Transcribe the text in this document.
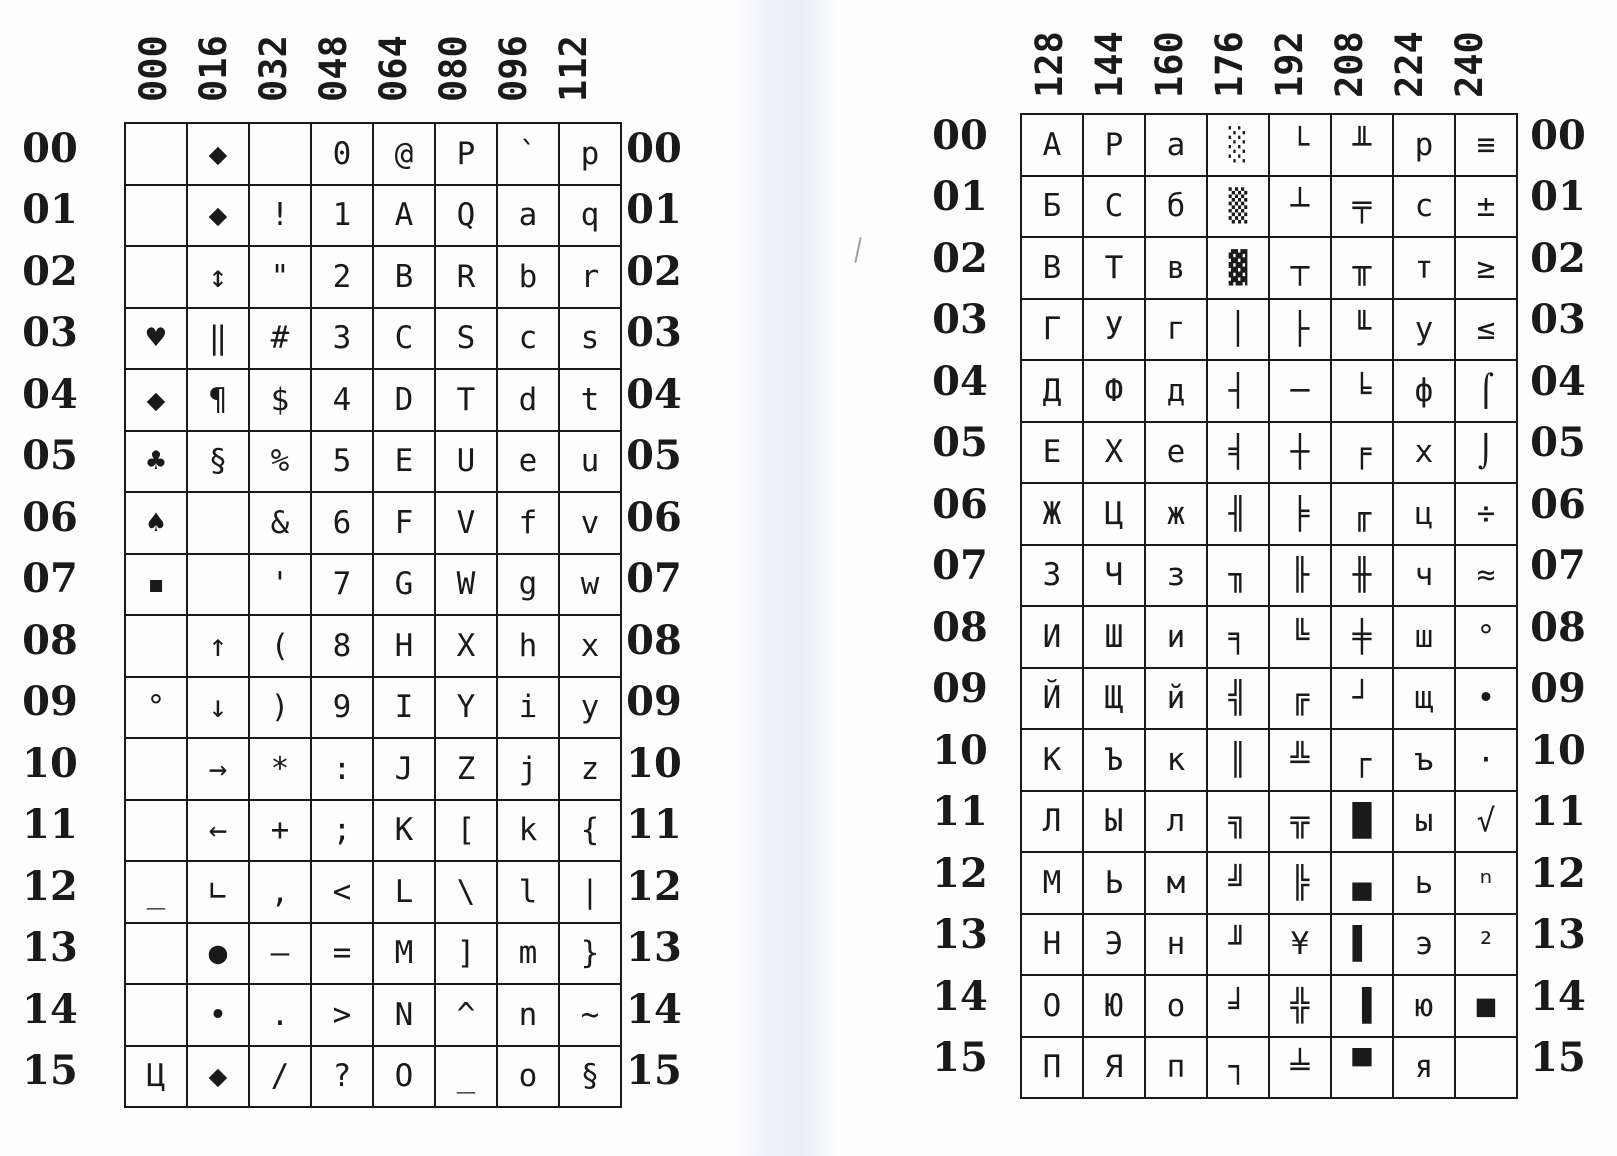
000 016 032 048 064 080 096 112
	◆		0	@	P	`	p
	◆	!	1	A	Q	a	q
	↕	"	2	B	R	b	r
♥	‖	#	3	C	S	c	s
◆	¶	$	4	D	T	d	t
♣	§	%	5	E	U	e	u
♠		&	6	F	V	f	v
▪		'	7	G	W	g	w
	↑	(	8	H	X	h	x
°	↓	)	9	I	Y	i	y
	→	*	:	J	Z	j	z
	←	+	;	K	[	k	{
_	∟	,	<	L	\	l	|
	●	–	=	M	]	m	}
	•	.	>	N	^	n	~
Ц	◆	/	?	O	_	o	§
00	00
01	01
02	02
03	03
04	04
05	05
06	06
07	07
08	08
09	09
10	10
11	11
12	12
13	13
14	14
15	15
128 144 160 176 192 208 224 240
А	Р	а	░	└	╨	р	≡
Б	С	б	▒	┴	╤	с	±
В	Т	в	▓	┬	╥	т	≥
Г	У	г	│	├	╙	у	≤
Д	Ф	д	┤	─	╘	ф	⌠
Е	Х	е	╡	┼	╒	х	⌡
Ж	Ц	ж	╢	╞	╓	ц	÷
З	Ч	з	╖	╟	╫	ч	≈
И	Ш	и	╕	╚	╪	ш	°
Й	Щ	й	╣	╔	┘	щ	•
К	Ъ	к	║	╩	┌	ъ	·
Л	Ы	л	╗	╦	█	ы	√
М	Ь	м	╝	╠	▄	ь	ⁿ
Н	Э	н	╜	¥	▌	э	²
О	Ю	о	╛	╬	▐	ю	■
П	Я	п	┐	╧	▀	я	
00	00
01	01
02	02
03	03
04	04
05	05
06	06
07	07
08	08
09	09
10	10
11	11
12	12
13	13
14	14
15	15
